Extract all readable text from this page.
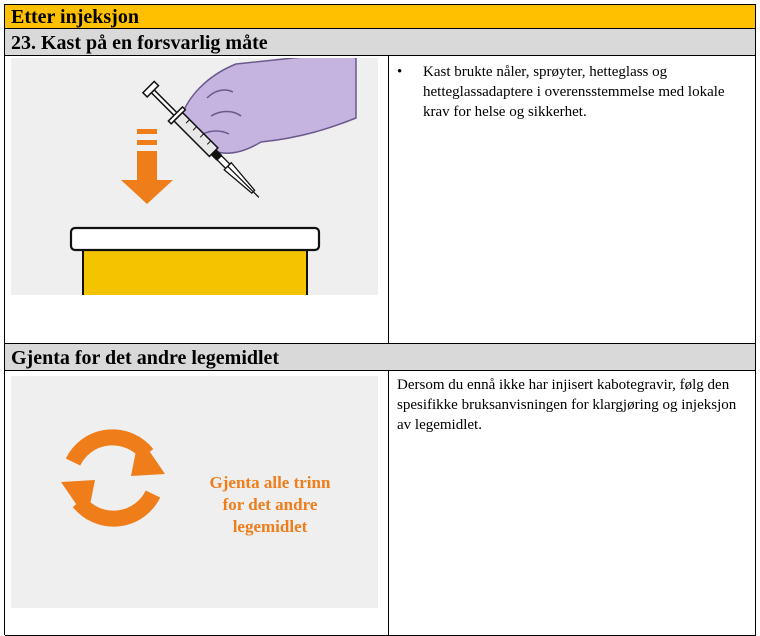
Etter injeksjon
23. Kast på en forsvarlig måte
• Kast brukte nåler, sprøyter, hetteglass og hetteglassadaptere i overensstemmelse med lokale krav for helse og sikkerhet.
Gjenta for det andre legemidlet
Gjenta alle trinn
for det andre
legemidlet
Dersom du ennå ikke har injisert kabotegravir, følg den spesifikke bruksanvisningen for klargjøring og injeksjon av legemidlet.
